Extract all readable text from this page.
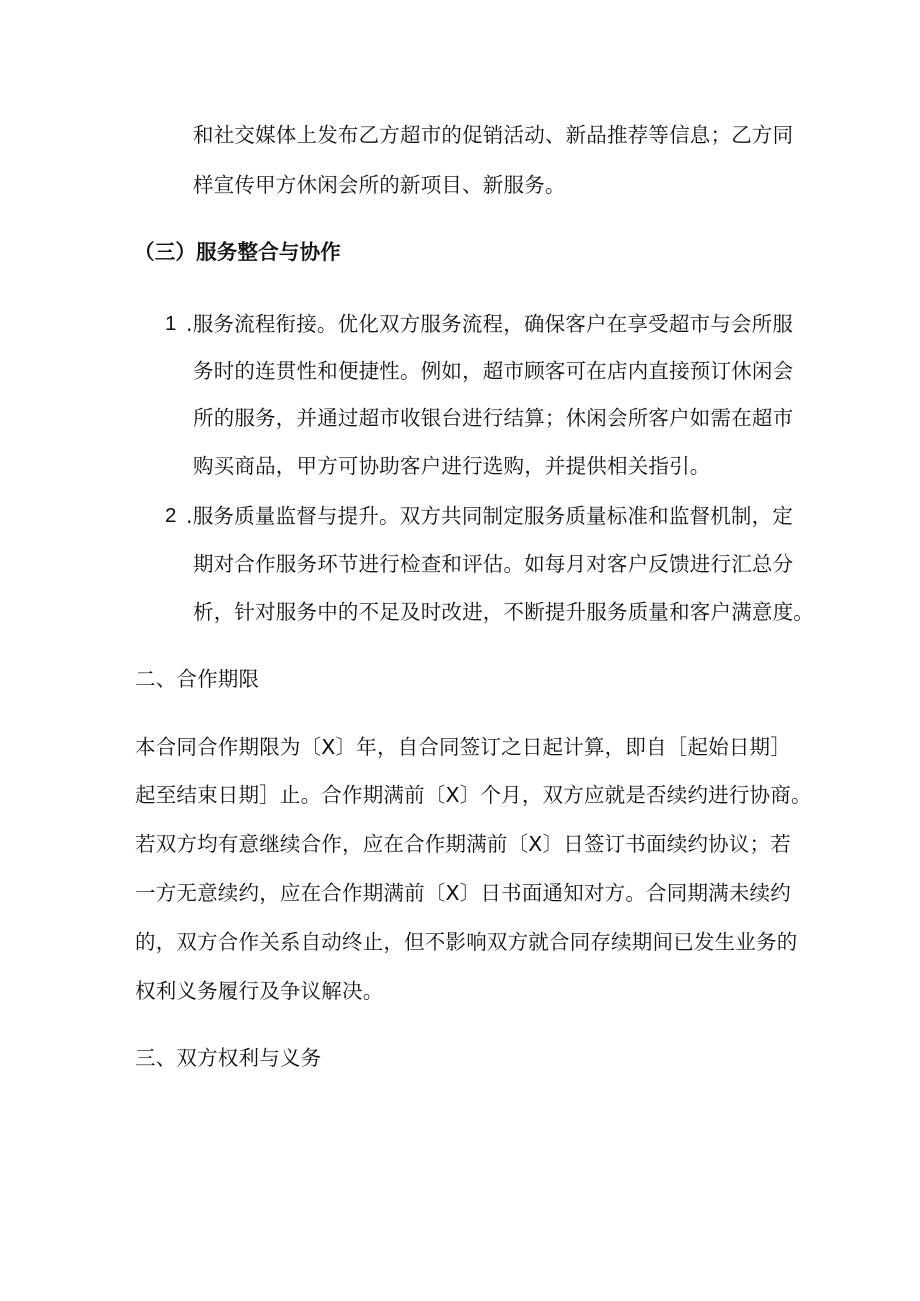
和社交媒体上发布乙方超市的促销活动、新品推荐等信息；乙方同
样宣传甲方休闲会所的新项目、新服务。
（三）服务整合与协作
1 .服务流程衔接。优化双方服务流程，确保客户在享受超市与会所服
务时的连贯性和便捷性。例如，超市顾客可在店内直接预订休闲会
所的服务，并通过超市收银台进行结算；休闲会所客户如需在超市
购买商品，甲方可协助客户进行选购，并提供相关指引。
2 .服务质量监督与提升。双方共同制定服务质量标准和监督机制，定
期对合作服务环节进行检查和评估。如每月对客户反馈进行汇总分
析，针对服务中的不足及时改进，不断提升服务质量和客户满意度。
二、合作期限
本合同合作期限为〔X〕年，自合同签订之日起计算，即自［起始日期］
起至结束日期］止。合作期满前〔X〕个月，双方应就是否续约进行协商。
若双方均有意继续合作，应在合作期满前〔X〕日签订书面续约协议；若
一方无意续约，应在合作期满前〔X〕日书面通知对方。合同期满未续约
的，双方合作关系自动终止，但不影响双方就合同存续期间已发生业务的
权利义务履行及争议解决。
三、双方权利与义务
